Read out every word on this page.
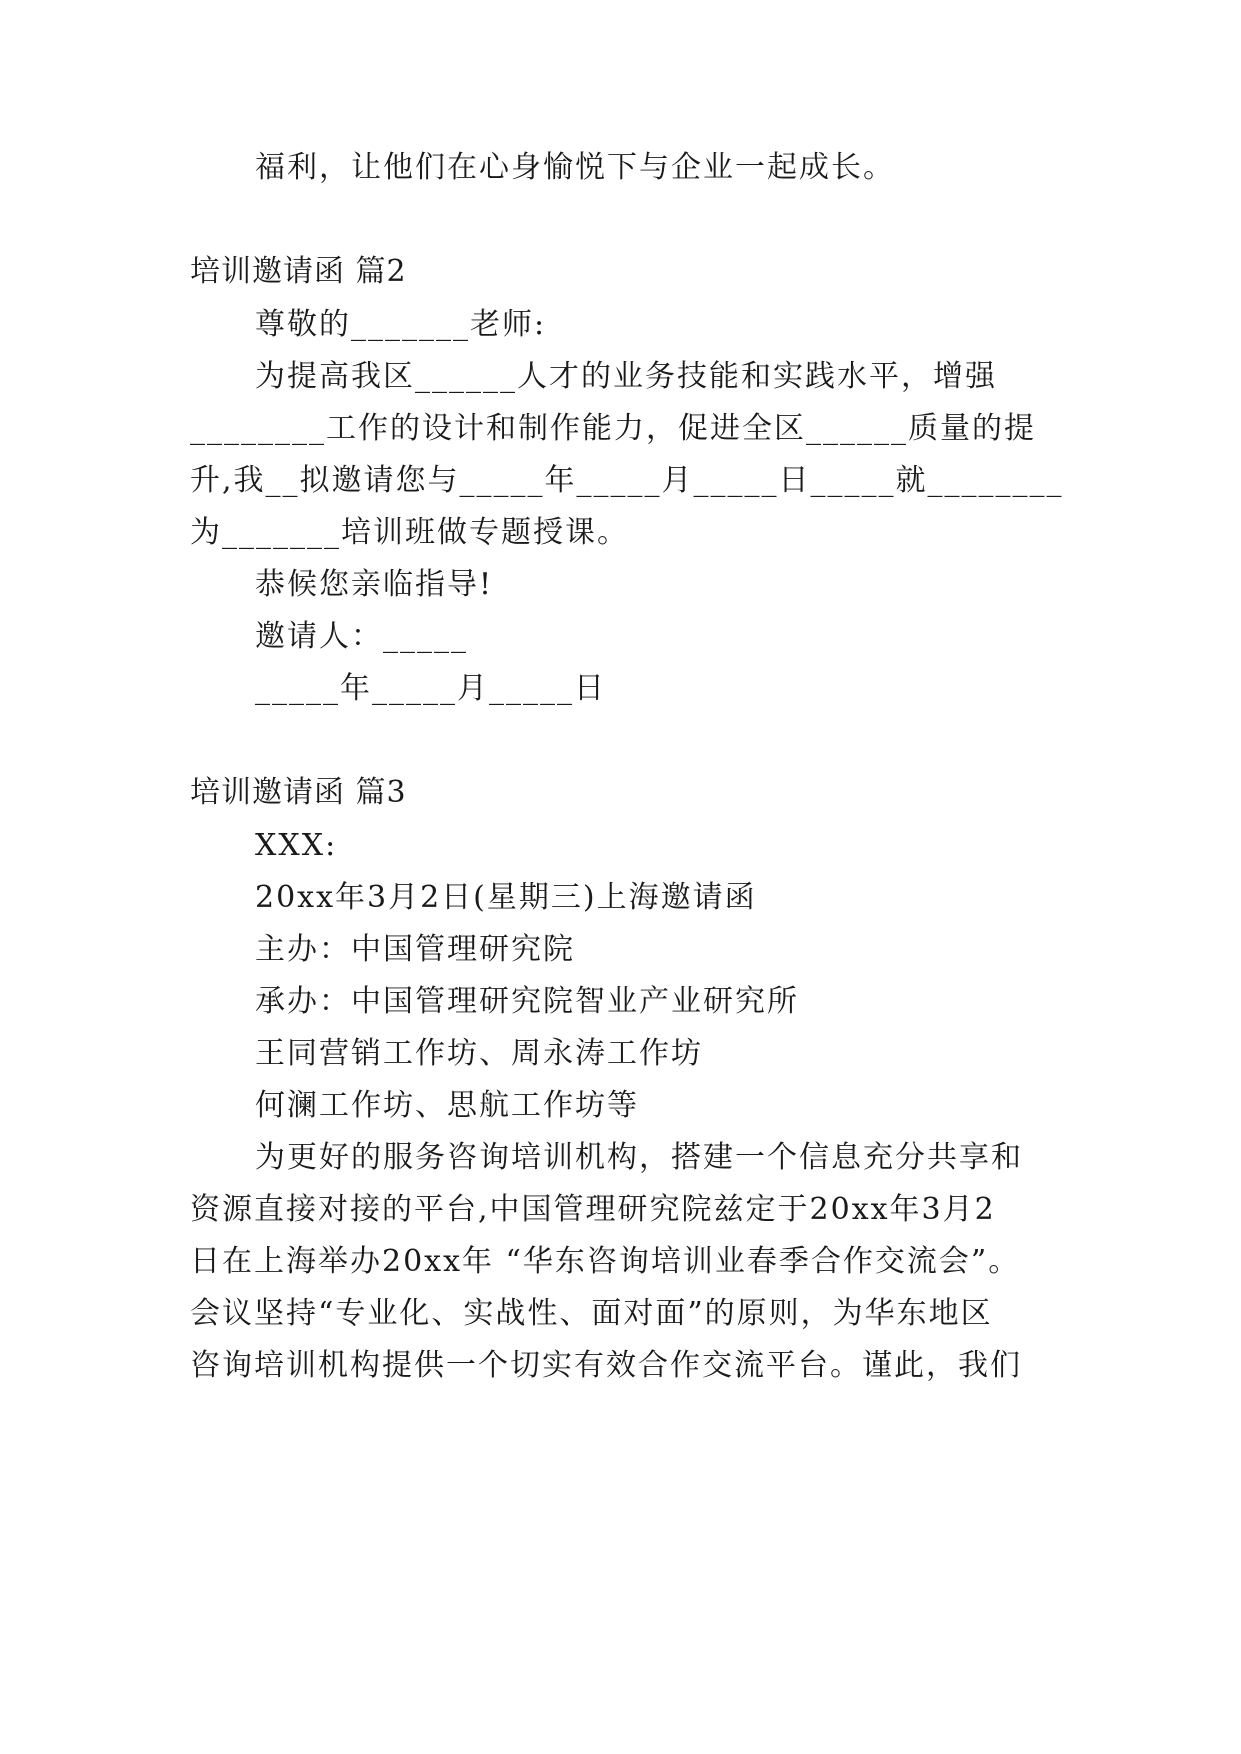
福利，让他们在心身愉悦下与企业一起成长。
培训邀请函 篇2
尊敬的_______老师:
为提高我区______人才的业务技能和实践水平，增强
________工作的设计和制作能力，促进全区______质量的提
升,我__拟邀请您与_____年_____月_____日_____就________
为_______培训班做专题授课。
恭候您亲临指导!
邀请人：_____
_____年_____月_____日
培训邀请函 篇3
XXX:
20xx年3月2日(星期三)上海邀请函
主办：中国管理研究院
承办：中国管理研究院智业产业研究所
王同营销工作坊、周永涛工作坊
何澜工作坊、思航工作坊等
为更好的服务咨询培训机构，搭建一个信息充分共享和
资源直接对接的平台,中国管理研究院兹定于20xx年3月2
日在上海举办20xx年 “华东咨询培训业春季合作交流会”。
会议坚持“专业化、实战性、面对面”的原则，为华东地区
咨询培训机构提供一个切实有效合作交流平台。谨此，我们
